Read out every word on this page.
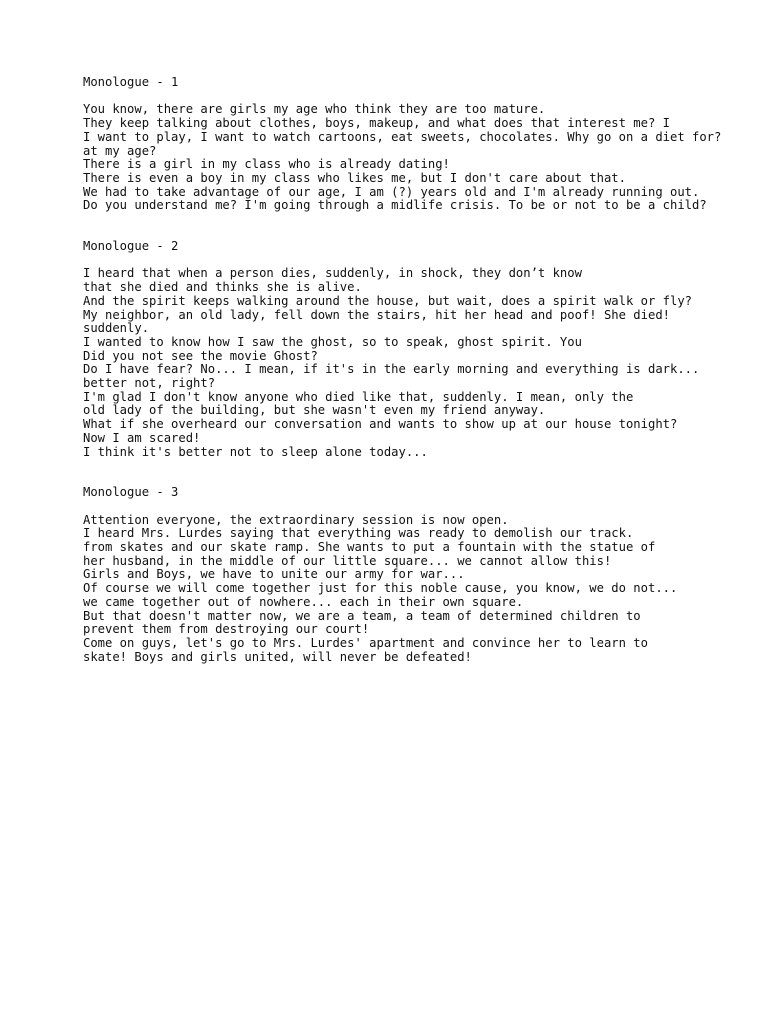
Monologue - 1
You know, there are girls my age who think they are too mature.
They keep talking about clothes, boys, makeup, and what does that interest me? I
I want to play, I want to watch cartoons, eat sweets, chocolates. Why go on a diet for?
at my age?
There is a girl in my class who is already dating!
There is even a boy in my class who likes me, but I don't care about that.
We had to take advantage of our age, I am (?) years old and I'm already running out.
Do you understand me? I'm going through a midlife crisis. To be or not to be a child?
Monologue - 2
I heard that when a person dies, suddenly, in shock, they don’t know
that she died and thinks she is alive.
And the spirit keeps walking around the house, but wait, does a spirit walk or fly?
My neighbor, an old lady, fell down the stairs, hit her head and poof! She died!
suddenly.
I wanted to know how I saw the ghost, so to speak, ghost spirit. You
Did you not see the movie Ghost?
Do I have fear? No... I mean, if it's in the early morning and everything is dark...
better not, right?
I'm glad I don't know anyone who died like that, suddenly. I mean, only the
old lady of the building, but she wasn't even my friend anyway.
What if she overheard our conversation and wants to show up at our house tonight?
Now I am scared!
I think it's better not to sleep alone today...
Monologue - 3
Attention everyone, the extraordinary session is now open.
I heard Mrs. Lurdes saying that everything was ready to demolish our track.
from skates and our skate ramp. She wants to put a fountain with the statue of
her husband, in the middle of our little square... we cannot allow this!
Girls and Boys, we have to unite our army for war...
Of course we will come together just for this noble cause, you know, we do not...
we came together out of nowhere... each in their own square.
But that doesn't matter now, we are a team, a team of determined children to
prevent them from destroying our court!
Come on guys, let's go to Mrs. Lurdes' apartment and convince her to learn to
skate! Boys and girls united, will never be defeated!
